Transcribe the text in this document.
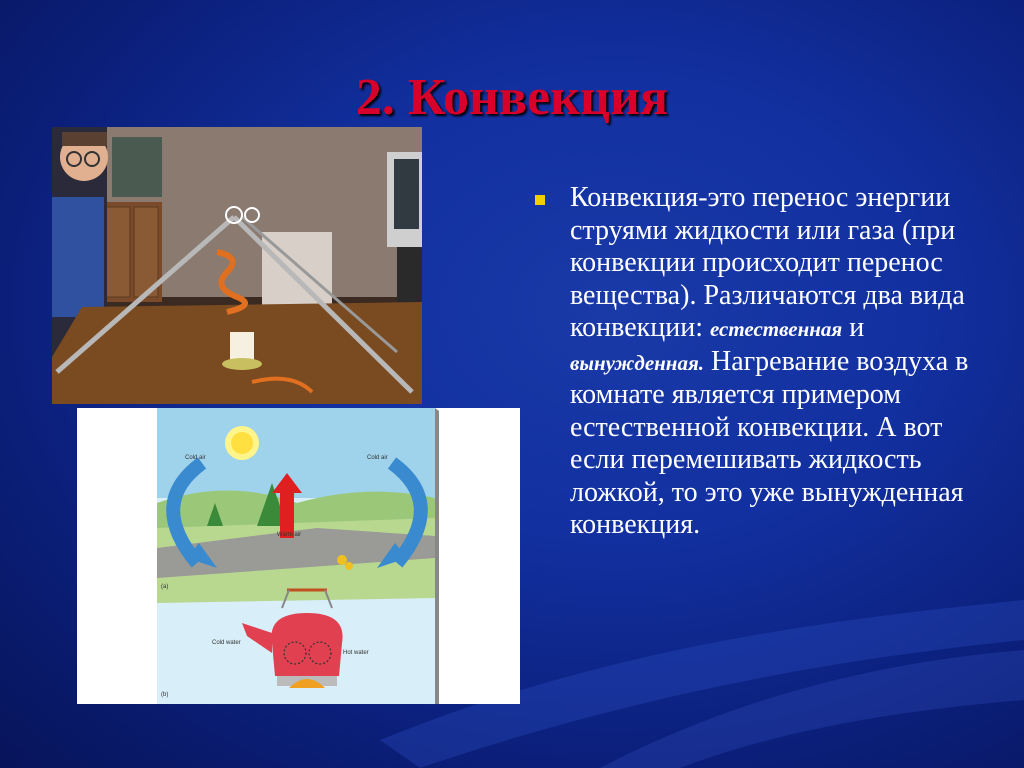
2. Конвекция
Cold air	Cold air
Warm air
(a)
(b)
Cold water
Hot water
Конвекция-это перенос энергии струями жидкости или газа (при конвекции происходит перенос вещества). Различаются два вида конвекции: естественная и вынужденная. Нагревание воздуха в комнате является примером естественной конвекции. А вот если перемешивать жидкость ложкой, то это уже вынужденная конвекция.
